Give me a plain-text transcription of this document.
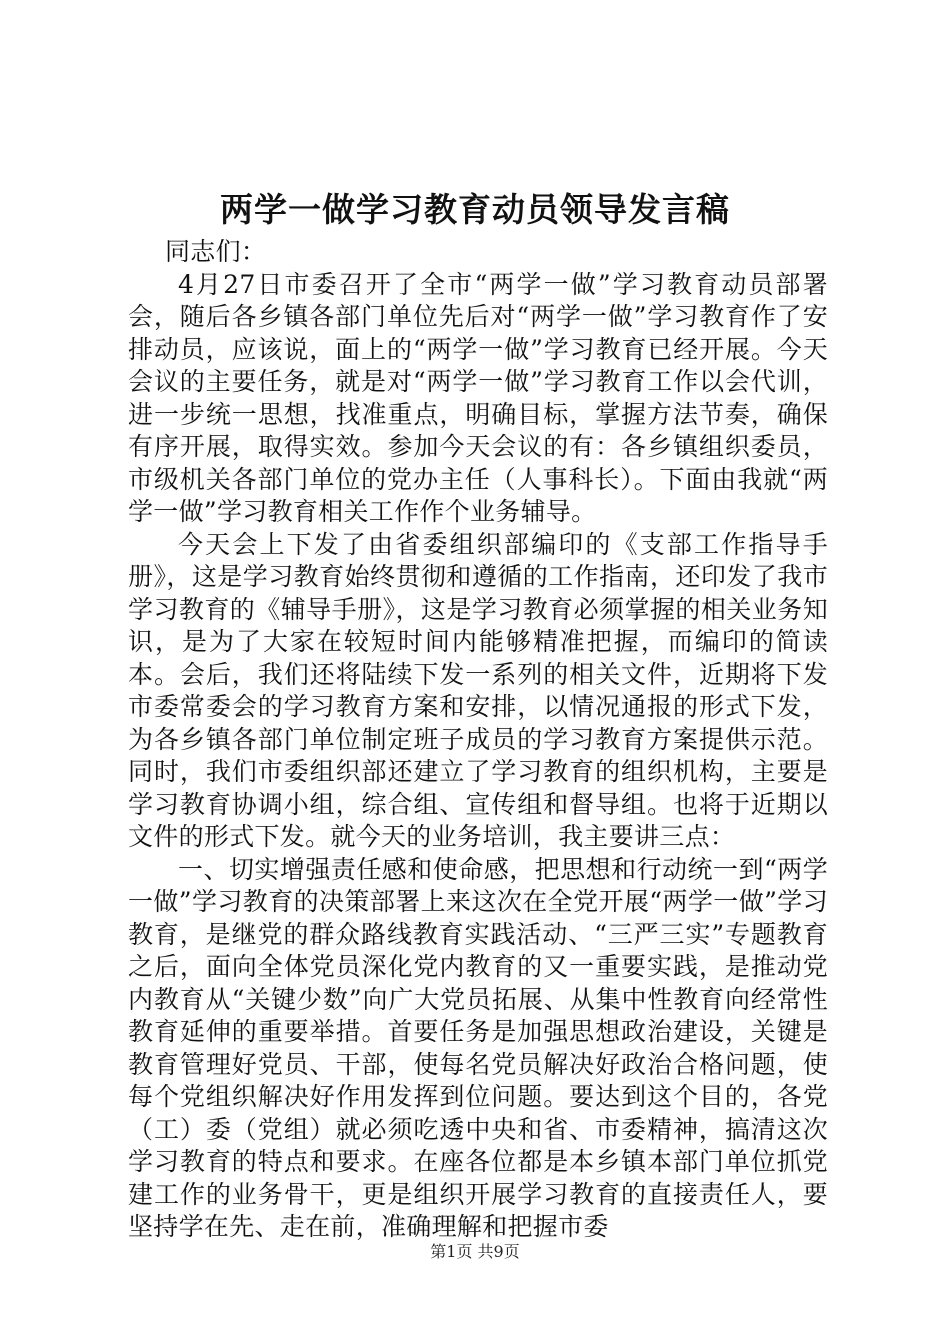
两学一做学习教育动员领导发言稿

同志们：

4月27日市委召开了全市“两学一做”学习教育动员部署会，随后各乡镇各部门单位先后对“两学一做”学习教育作了安排动员，应该说，面上的“两学一做”学习教育已经开展。今天会议的主要任务，就是对“两学一做”学习教育工作以会代训，进一步统一思想，找准重点，明确目标，掌握方法节奏，确保有序开展，取得实效。参加今天会议的有：各乡镇组织委员，市级机关各部门单位的党办主任（人事科长）。下面由我就“两学一做”学习教育相关工作作个业务辅导。

今天会上下发了由省委组织部编印的《支部工作指导手册》，这是学习教育始终贯彻和遵循的工作指南，还印发了我市学习教育的《辅导手册》，这是学习教育必须掌握的相关业务知识，是为了大家在较短时间内能够精准把握，而编印的简读本。会后，我们还将陆续下发一系列的相关文件，近期将下发市委常委会的学习教育方案和安排，以情况通报的形式下发，为各乡镇各部门单位制定班子成员的学习教育方案提供示范。同时，我们市委组织部还建立了学习教育的组织机构，主要是学习教育协调小组，综合组、宣传组和督导组。也将于近期以文件的形式下发。就今天的业务培训，我主要讲三点：

一、切实增强责任感和使命感，把思想和行动统一到“两学一做”学习教育的决策部署上来这次在全党开展“两学一做”学习教育，是继党的群众路线教育实践活动、“三严三实”专题教育之后，面向全体党员深化党内教育的又一重要实践，是推动党内教育从“关键少数”向广大党员拓展、从集中性教育向经常性教育延伸的重要举措。首要任务是加强思想政治建设，关键是教育管理好党员、干部，使每名党员解决好政治合格问题，使每个党组织解决好作用发挥到位问题。要达到这个目的，各党（工）委（党组）就必须吃透中央和省、市委精神，搞清这次学习教育的特点和要求。在座各位都是本乡镇本部门单位抓党建工作的业务骨干，更是组织开展学习教育的直接责任人，要坚持学在先、走在前，准确理解和把握市委

第1页 共9页
